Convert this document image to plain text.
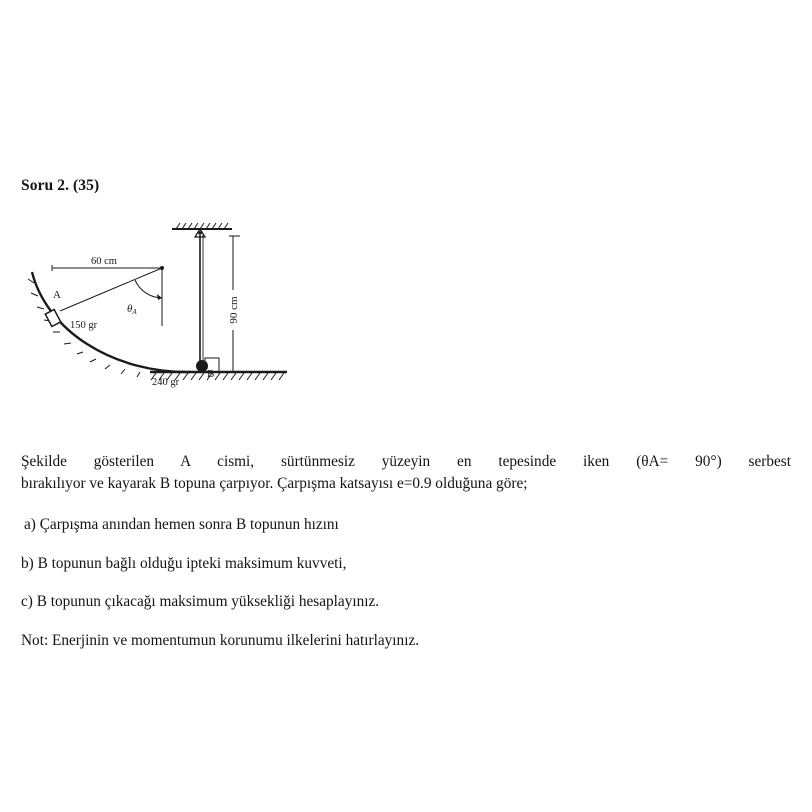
Soru 2. (35)
90 cm
60 cm
θA
A
150 gr
B
240 gr
Şekilde gösterilen A cismi, sürtünmesiz yüzeyin en tepesinde iken (θA= 90°) serbest
bırakılıyor ve kayarak B topuna çarpıyor. Çarpışma katsayısı e=0.9 olduğuna göre;
a) Çarpışma anından hemen sonra B topunun hızını
b) B topunun bağlı olduğu ipteki maksimum kuvveti,
c) B topunun çıkacağı maksimum yüksekliği hesaplayınız.
Not: Enerjinin ve momentumun korunumu ilkelerini hatırlayınız.
